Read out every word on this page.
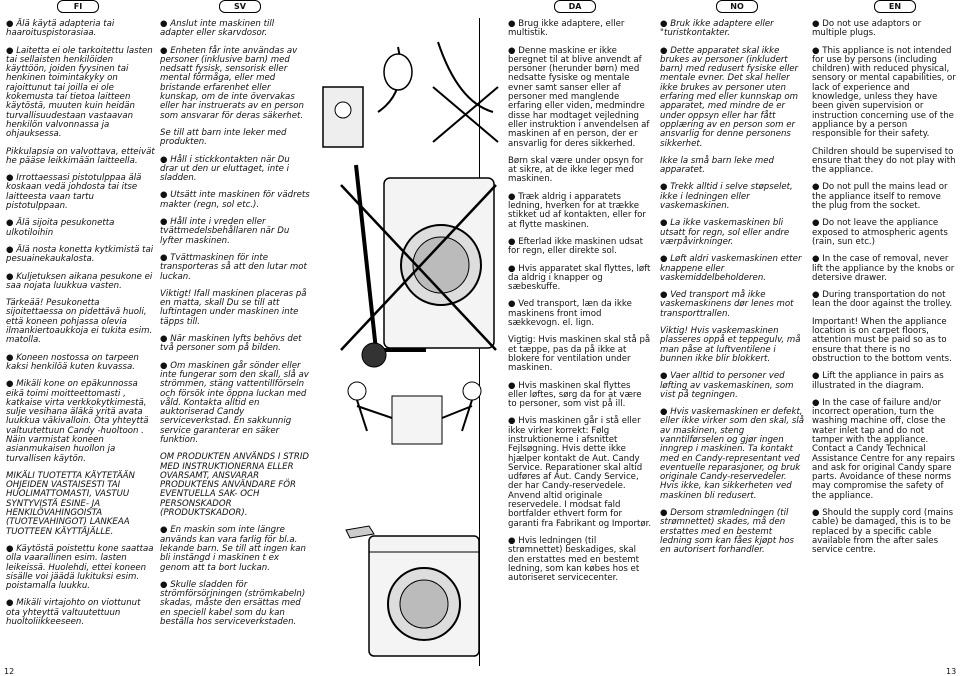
FI	SV	DA	NO	EN
12	13

● Älä käytä adapteria tai haaroituspistorasiaa.

● Laitetta ei ole tarkoitettu lasten tai sellaisten henkilöiden käyttöön, joiden fyysinen tai henkinen toimintakyky on rajoittunut tai joilla ei ole kokemusta tai tietoa laitteen käytöstä, muuten kuin heidän turvallisuudestaan vastaavan henkilön valvonnassa ja ohjauksessa.

Pikkulapsia on valvottava, etteivät he pääse leikkimään laitteella.

● Irrottaessasi pistotulppaa älä koskaan vedä johdosta tai itse laitteesta vaan tartu pistotulppaan.

● Älä sijoita pesukonetta ulkotiloihin

● Älä nosta konetta kytkimistä tai pesuainekaukalosta.

● Kuljetuksen aikana pesukone ei saa nojata luukkua vasten.

Tärkeää! Pesukonetta sijoitettaessa on pidettävä huoli, että koneen pohjassa olevia ilmankiertoaukkoja ei tukita esim. matolla.

● Koneen nostossa on tarpeen kaksi henkilöä kuten kuvassa.

● Mikäli kone on epäkunnossa eikä toimi moitteettomasti , katkaise virta verkkokytkimestä, sulje vesihana äläkä yritä avata luukkua väkivalloin. Ota yhteyttä valtuutettuun Candy -huoltoon . Näin varmistat koneen asianmukaisen huollon ja turvallisen käytön.

MIKÄLI TUOTETTA KÄYTETÄÄN OHJEIDEN VASTAISESTI TAI HUOLIMATTOMASTI, VASTUU SYNTYVISTÄ ESINE- JA HENKILÖVAHINGOISTA (TUOTEVAHINGOT) LANKEAA TUOTTEEN KÄYTTÄJÄLLE.

● Käytöstä poistettu kone saattaa olla vaarallinen esim. lasten leikeissä. Huolehdi, ettei koneen sisälle voi jäädä lukituksi esim. poistamalla luukku.

● Mikäli virtajohto on viottunut ota yhteyttä valtuutettuun huoltoliikkeeseen.

● Anslut inte maskinen till adapter eller skarvdosor.

● Enheten får inte användas av personer (inklusive barn) med nedsatt fysisk, sensorisk eller mental förmåga, eller med bristande erfarenhet eller kunskap, om de inte övervakas eller har instruerats av en person som ansvarar för deras säkerhet.

Se till att barn inte leker med produkten.

● Håll i stickkontakten när Du drar ut den ur eluttaget, inte i sladden.

● Utsätt inte maskinen för vädrets makter (regn, sol etc.).

● Håll inte i vreden eller tvättmedelsbehållaren när Du lyfter maskinen.

● Tvättmaskinen för inte transporteras så att den lutar mot luckan.

Viktigt! Ifall maskinen placeras på en matta, skall Du se till att luftintagen under maskinen inte täpps till.

● När maskinen lyfts behövs det två personer som på bilden.

● Om maskinen går sönder eller inte fungerar som den skall, slå av strömmen, stäng vattentillförseln och försök inte öppna luckan med våld. Kontakta alltid en auktoriserad Candy serviceverkstad. En sakkunnig service garanterar en säker funktion.

OM PRODUKTEN ANVÄNDS I STRID MED INSTRUKTIONERNA ELLER OVARSAMT, ANSVARAR PRODUKTENS ANVÄNDARE FÖR EVENTUELLA SAK- OCH PERSONSKADOR (PRODUKTSKADOR).

● En maskin som inte längre används kan vara farlig för bl.a. lekande barn. Se till att ingen kan bli instängd i maskinen t ex genom att ta bort luckan.

● Skulle sladden för strömförsörjningen (strömkabeln) skadas, måste den ersättas med en speciell kabel som du kan beställa hos serviceverkstaden.

● Brug ikke adaptere, eller multistik.

● Denne maskine er ikke beregnet til at blive anvendt af personer (herunder børn) med nedsatte fysiske og mentale evner samt sanser eller af personer med manglende erfaring eller viden, medmindre disse har modtaget vejledning eller instruktion i anvendelsen af maskinen af en person, der er ansvarlig for deres sikkerhed.

Børn skal være under opsyn for at sikre, at de ikke leger med maskinen.

● Træk aldrig i apparatets ledning, hverken for at trække stikket ud af kontakten, eller for at flytte maskinen.

● Efterlad ikke maskinen udsat for regn, eller direkte sol.

● Hvis apparatet skal flyttes, løft da aldrig i knapper og sæbeskuffe.

● Ved transport, læn da ikke maskinens front imod sækkevogn. el. lign.

Vigtig: Hvis maskinen skal stå på et tæppe, pas da på ikke at blokere for ventilation under maskinen.

● Hvis maskinen skal flyttes eller løftes, sørg da for at være to personer, som vist på ill.

● Hvis maskinen går i stå eller ikke virker korrekt: Følg instruktionerne i afsnittet Fejlsøgning. Hvis dette ikke hjælper kontakt de Aut. Candy Service. Reparationer skal altid udføres af Aut. Candy Service, der har Candy-reservedele. Anvend altid originale reservedele. I modsat fald bortfalder ethvert form for garanti fra Fabrikant og Importør.

● Hvis ledningen (til strømnettet) beskadiges, skal den erstattes med en bestemt ledning, som kan købes hos et autoriseret servicecenter.

● Bruk ikke adaptere eller "turistkontakter.

● Dette apparatet skal ikke brukes av personer (inkludert barn) med redusert fysiske eller mentale evner. Det skal heller ikke brukes av personer uten erfaring med eller kunnskap om apparatet, med mindre de er under oppsyn eller har fått opplæring av en person som er ansvarlig for denne personens sikkerhet.

Ikke la små barn leke med apparatet.

● Trekk alltid i selve støpselet, ikke i ledningen eller vaskemaskinen.

● La ikke vaskemaskinen bli utsatt for regn, sol eller andre værpåvirkninger.

● Løft aldri vaskemaskinen etter knappene eller vaskemiddelbeholderen.

● Ved transport må ikke vaskemaskinens dør lenes mot transporttrallen.

Viktig! Hvis vaskemaskinen plasseres oppå et teppegulv, må man påse at luftventilene i bunnen ikke blir blokkert.

● Vaer alltid to personer ved løfting av vaskemaskinen, som vist på tegningen.

● Hvis vaskemaskinen er defekt, eller ikke virker som den skal, slå av maskinen, steng vanntilførselen og gjør ingen inngrep i maskinen. Ta kontakt med en Candy-representant ved eventuelle reparasjoner, og bruk originale Candy-reservedeler. Hvis ikke, kan sikkerheten ved maskinen bli redusert.

● Dersom strømledningen (til strømnettet) skades, må den erstattes med en bestemt ledning som kan fåes kjøpt hos en autorisert forhandler.

● Do not use adaptors or multiple plugs.

● This appliance is not intended for use by persons (including children) with reduced physical, sensory or mental capabilities, or lack of experience and knowledge, unless they have been given supervision or instruction concerning use of the appliance by a person responsible for their safety.

Children should be supervised to ensure that they do not play with the appliance.

● Do not pull the mains lead or the appliance itself to remove the plug from the socket.

● Do not leave the appliance exposed to atmospheric agents (rain, sun etc.)

● In the case of removal, never lift the appliance by the knobs or detersive drawer.

● During transportation do not lean the door against the trolley.

Important! When the appliance location is on carpet floors, attention must be paid so as to ensure that there is no obstruction to the bottom vents.

● Lift the appliance in pairs as illustrated in the diagram.

● In the case of failure and/or incorrect operation, turn the washing machine off, close the water inlet tap and do not tamper with the appliance. Contact a Candy Technical Assistance Centre for any repairs and ask for original Candy spare parts. Avoidance of these norms may compromise the safety of the appliance.

● Should the supply cord (mains cable) be damaged, this is to be replaced by a specific cable available from the after sales service centre.
